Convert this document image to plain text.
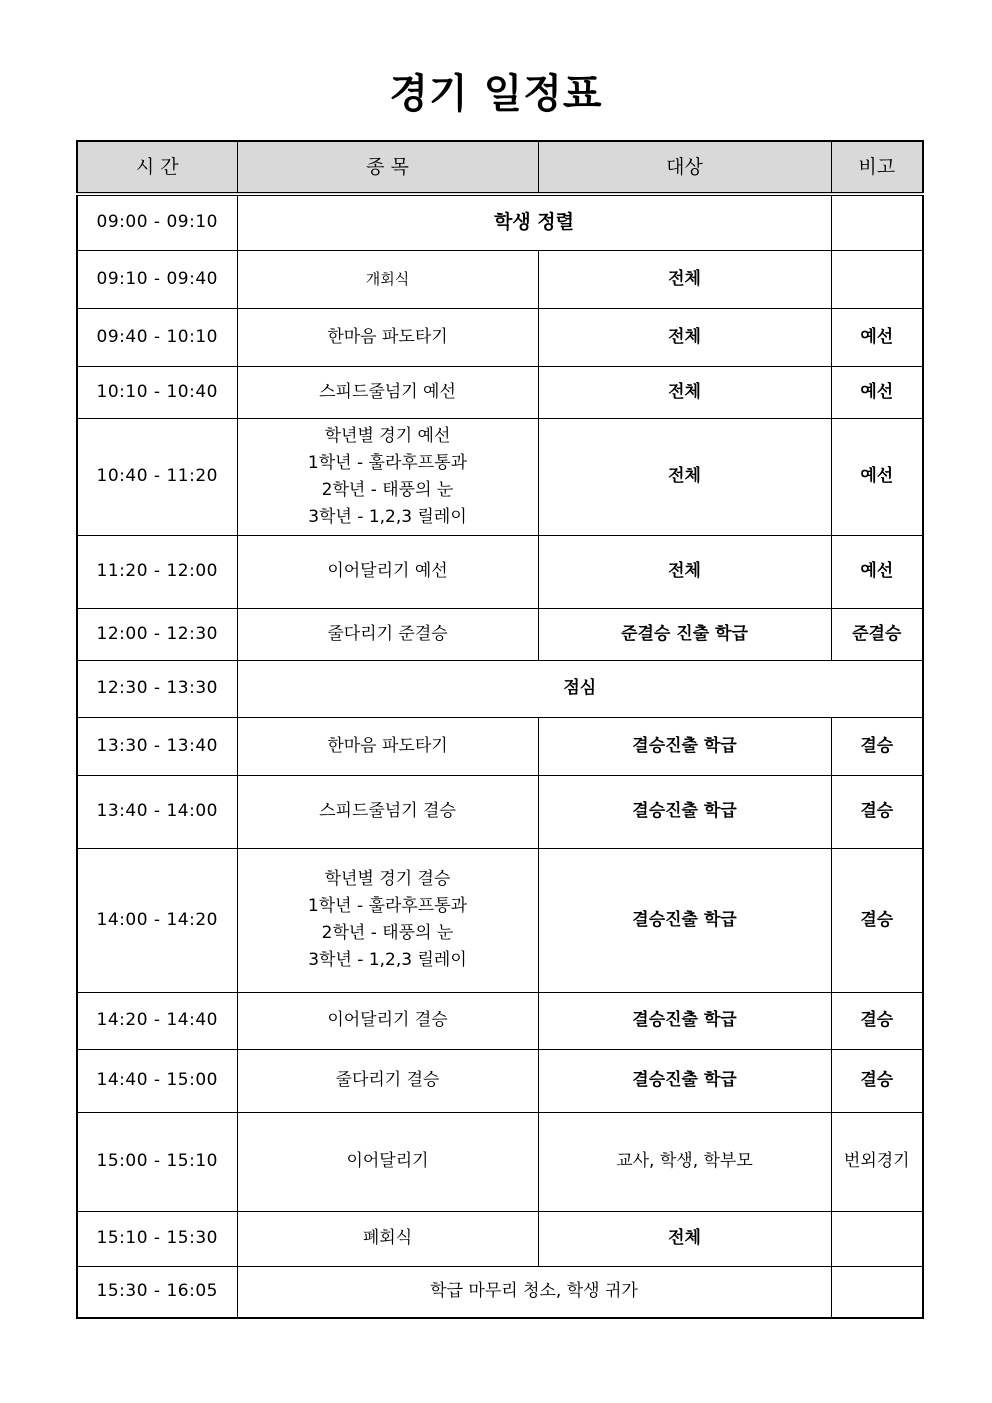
경기 일정표
시 간	종 목	대상	비고
09:00 - 09:10	학생 정렬		
09:10 - 09:40	개회식	전체	
09:40 - 10:10	한마음 파도타기	전체	예선
10:10 - 10:40	스피드줄넘기 예선	전체	예선
10:40 - 11:20	학년별 경기 예선
1학년 - 훌라후프통과
2학년 - 태풍의 눈
3학년 - 1,2,3 릴레이	전체	예선
11:20 - 12:00	이어달리기 예선	전체	예선
12:00 - 12:30	줄다리기 준결승	준결승 진출 학급	준결승
12:30 - 13:30	점심		
13:30 - 13:40	한마음 파도타기	결승진출 학급	결승
13:40 - 14:00	스피드줄넘기 결승	결승진출 학급	결승
14:00 - 14:20	학년별 경기 결승
1학년 - 훌라후프통과
2학년 - 태풍의 눈
3학년 - 1,2,3 릴레이	결승진출 학급	결승
14:20 - 14:40	이어달리기 결승	결승진출 학급	결승
14:40 - 15:00	줄다리기 결승	결승진출 학급	결승
15:00 - 15:10	이어달리기	교사, 학생, 학부모	번외경기
15:10 - 15:30	폐회식	전체	
15:30 - 16:05	학급 마무리 청소, 학생 귀가		
